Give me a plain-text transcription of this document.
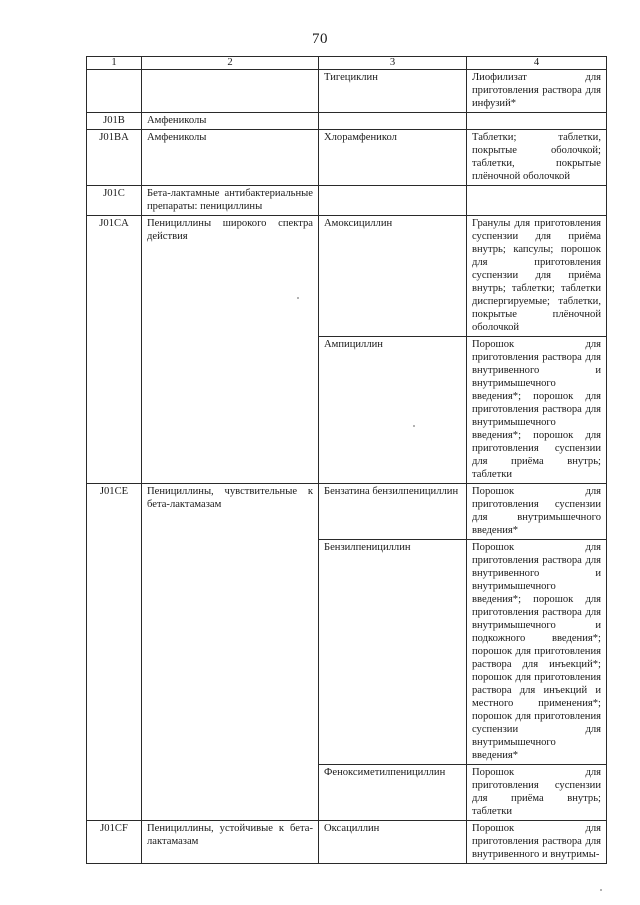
70
1	2	3	4
		Тигециклин	Лиофилизат для приготовления раствора для инфузий*
J01B	Амфениколы		
J01BA	Амфениколы	Хлорамфеникол	Таблетки; таблетки, покрытые оболочкой; таблетки, покрытые плёночной оболочкой
J01C	Бета-лактамные антибактериальные препараты: пенициллины		
J01CA	Пенициллины широкого спектра действия	Амоксициллин	Гранулы для приготовления суспензии для приёма внутрь; капсулы; порошок для приготовления суспензии для приёма внутрь; таблетки; таблетки диспергируемые; таблетки, покрытые плёночной оболочкой
		Ампициллин	Порошок для приготовления раствора для внутривенного и внутримышечного введения*; порошок для приготовления раствора для внутримышечного введения*; порошок для приготовления суспензии для приёма внутрь; таблетки
J01CE	Пенициллины, чувствительные к бета-лактамазам	Бензатина бензилпенициллин	Порошок для приготовления суспензии для внутримышечного введения*
		Бензилпенициллин	Порошок для приготовления раствора для внутривенного и внутримышечного введения*; порошок для приготовления раствора для внутримышечного и подкожного введения*; порошок для приготовления раствора для инъекций*; порошок для приготовления раствора для инъекций и местного применения*; порошок для приготовления суспензии для внутримышечного введения*
		Феноксиметилпенициллин	Порошок для приготовления суспензии для приёма внутрь; таблетки
J01CF	Пенициллины, устойчивые к бета-лактамазам	Оксациллин	Порошок для приготовления раствора для внутривенного и внутримы-
